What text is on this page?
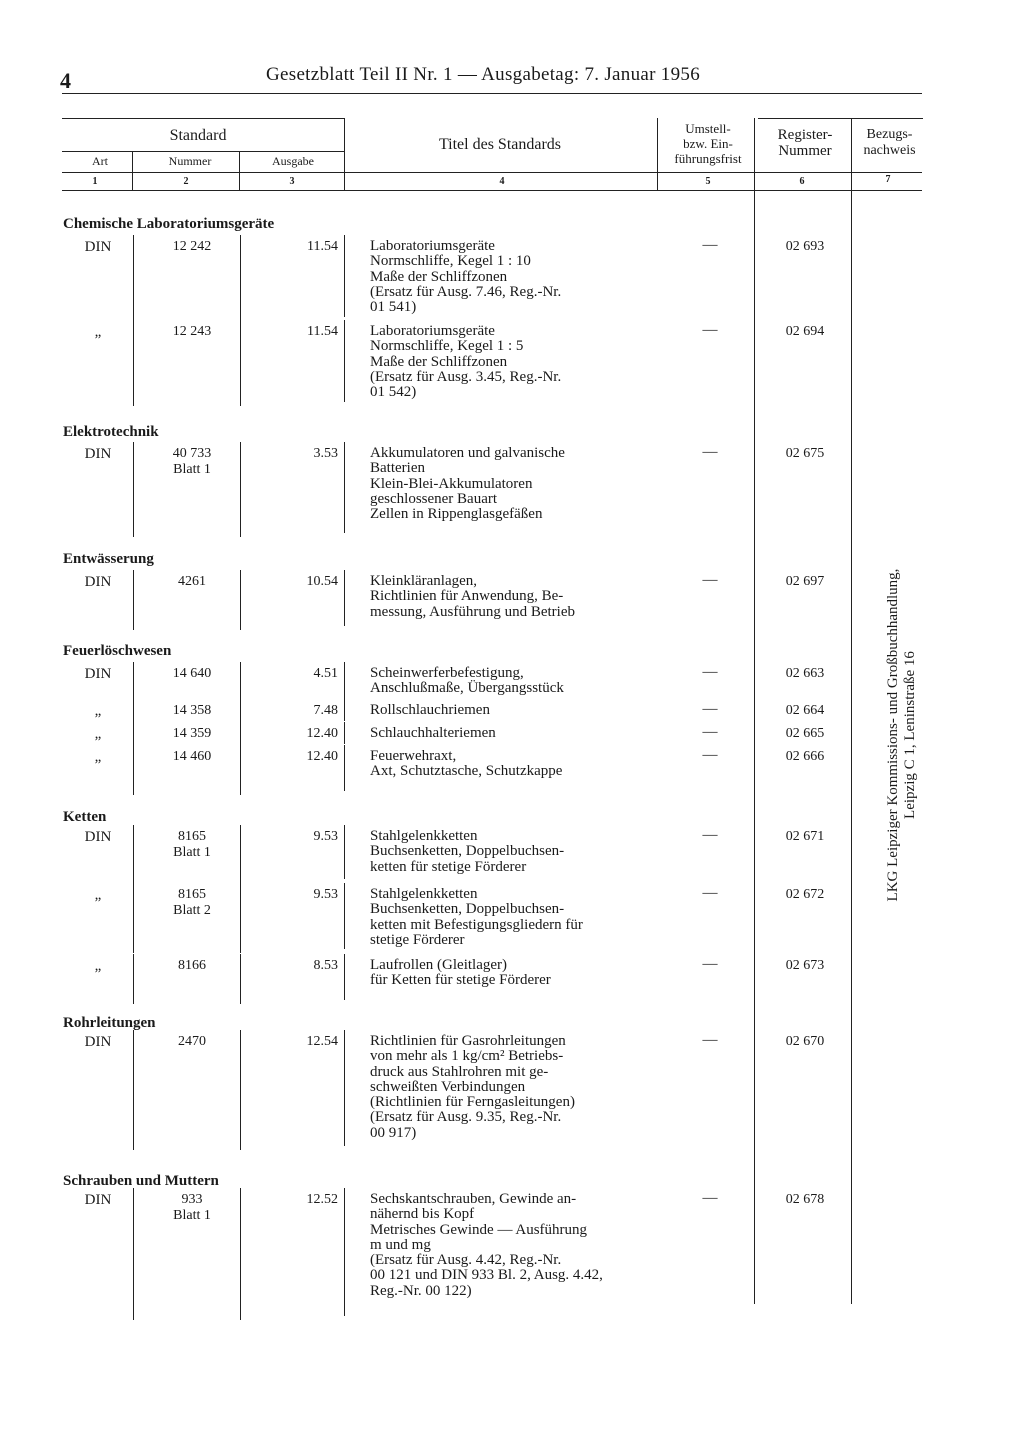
4	Gesetzblatt Teil II Nr. 1 — Ausgabetag: 7. Januar 1956
Standard
Art	Nummer	Ausgabe
Titel des Standards
Umstell-
bzw. Ein-
führungsfrist
Register-
Nummer
Bezugs-
nachweis
1	2	3	4	5	6	7
LKG Leipziger Kommissions- und Großbuchhandlung, Leipzig C 1, Leninstraße 16
Chemische Laboratoriumsgeräte
DIN	12 242	11.54 Laboratoriumsgeräte
Normschliffe, Kegel 1 : 10
Maße der Schliffzonen
(Ersatz für Ausg. 7.46, Reg.-Nr.
01 541)
—	02 693
„	12 243	11.54 Laboratoriumsgeräte
Normschliffe, Kegel 1 : 5
Maße der Schliffzonen
(Ersatz für Ausg. 3.45, Reg.-Nr.
01 542)
—	02 694
Elektrotechnik
DIN	40 733
Blatt 1
3.53 Akkumulatoren und galvanische
Batterien
Klein-Blei-Akkumulatoren
geschlossener Bauart
Zellen in Rippenglasgefäßen
—	02 675
Entwässerung
DIN	4261	10.54 Kleinkläranlagen,
Richtlinien für Anwendung, Be-
messung, Ausführung und Betrieb
—	02 697
Feuerlöschwesen
DIN	14 640	4.51 Scheinwerferbefestigung,
Anschlußmaße, Übergangsstück
—	02 663
„	14 358	7.48 Rollschlauchriemen	—	02 664
„	14 359	12.40 Schlauchhalteriemen	—	02 665
„	14 460	12.40 Feuerwehraxt,
Axt, Schutztasche, Schutzkappe
—	02 666
Ketten
DIN	8165
Blatt 1
9.53 Stahlgelenkketten
Buchsenketten, Doppelbuchsen-
ketten für stetige Förderer
—	02 671
„	8165
Blatt 2
9.53 Stahlgelenkketten
Buchsenketten, Doppelbuchsen-
ketten mit Befestigungsgliedern für
stetige Förderer
—	02 672
„	8166	8.53 Laufrollen (Gleitlager)
für Ketten für stetige Förderer
—	02 673
Rohrleitungen
DIN	2470	12.54 Richtlinien für Gasrohrleitungen
von mehr als 1 kg/cm² Betriebs-
druck aus Stahlrohren mit ge-
schweißten Verbindungen
(Richtlinien für Ferngasleitungen)
(Ersatz für Ausg. 9.35, Reg.-Nr.
00 917)
—	02 670
Schrauben und Muttern
DIN	933
Blatt 1
12.52 Sechskantschrauben, Gewinde an-
nähernd bis Kopf
Metrisches Gewinde — Ausführung
m und mg
(Ersatz für Ausg. 4.42, Reg.-Nr.
00 121 und DIN 933 Bl. 2, Ausg. 4.42,
Reg.-Nr. 00 122)
—	02 678
